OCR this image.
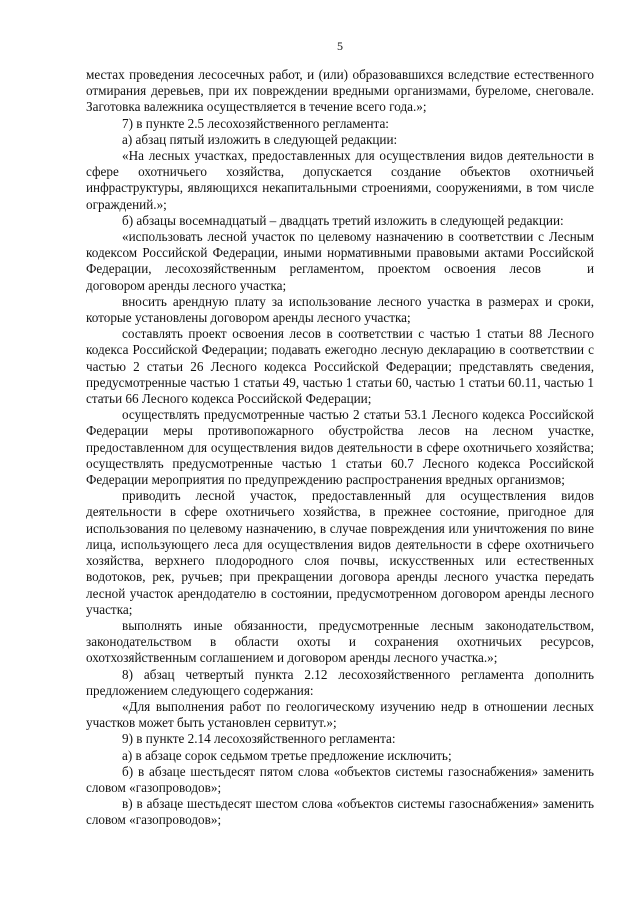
5

местах проведения лесосечных работ, и (или) образовавшихся вследствие естественного отмирания деревьев, при их повреждении вредными организмами, буреломе, снеговале. Заготовка валежника осуществляется в течение всего года.»;

7) в пункте 2.5 лесохозяйственного регламента:

а) абзац пятый изложить в следующей редакции:

«На лесных участках, предоставленных для осуществления видов деятельности в сфере охотничьего хозяйства, допускается создание объектов охотничьей инфраструктуры, являющихся некапитальными строениями, сооружениями, в том числе ограждений.»;

б) абзацы восемнадцатый – двадцать третий изложить в следующей редакции:

«использовать лесной участок по целевому назначению в соответствии с Лесным кодексом Российской Федерации, иными нормативными правовыми актами Российской Федерации, лесохозяйственным регламентом, проектом освоения лесов	и договором аренды лесного участка;

вносить арендную плату за использование лесного участка в размерах и сроки, которые установлены договором аренды лесного участка;

составлять проект освоения лесов в соответствии с частью 1 статьи 88 Лесного кодекса Российской Федерации; подавать ежегодно лесную декларацию в соответствии с частью 2 статьи 26 Лесного кодекса Российской Федерации; представлять сведения, предусмотренные частью 1 статьи 49, частью 1 статьи 60, частью 1 статьи 60.11, частью 1 статьи 66 Лесного кодекса Российской Федерации;

осуществлять предусмотренные частью 2 статьи 53.1 Лесного кодекса Российской Федерации меры противопожарного обустройства лесов на лесном участке, предоставленном для осуществления видов деятельности в сфере охотничьего хозяйства; осуществлять предусмотренные частью 1 статьи 60.7 Лесного кодекса Российской Федерации мероприятия по предупреждению распространения вредных организмов;

приводить лесной участок, предоставленный для осуществления видов деятельности в сфере охотничьего хозяйства, в прежнее состояние, пригодное для использования по целевому назначению, в случае повреждения или уничтожения по вине лица, использующего леса для осуществления видов деятельности в сфере охотничьего хозяйства, верхнего плодородного слоя почвы, искусственных или естественных водотоков, рек, ручьев; при прекращении договора аренды лесного участка передать лесной участок арендодателю в состоянии, предусмотренном договором аренды лесного участка;

выполнять иные обязанности, предусмотренные лесным законодательством, законодательством в области охоты и сохранения охотничьих ресурсов, охотхозяйственным соглашением и договором аренды лесного участка.»;

8) абзац четвертый пункта 2.12 лесохозяйственного регламента дополнить предложением следующего содержания:

«Для выполнения работ по геологическому изучению недр в отношении лесных участков может быть установлен сервитут.»;

9) в пункте 2.14 лесохозяйственного регламента:

а) в абзаце сорок седьмом третье предложение исключить;

б) в абзаце шестьдесят пятом слова «объектов системы газоснабжения» заменить словом «газопроводов»;

в) в абзаце шестьдесят шестом слова «объектов системы газоснабжения» заменить словом «газопроводов»;
